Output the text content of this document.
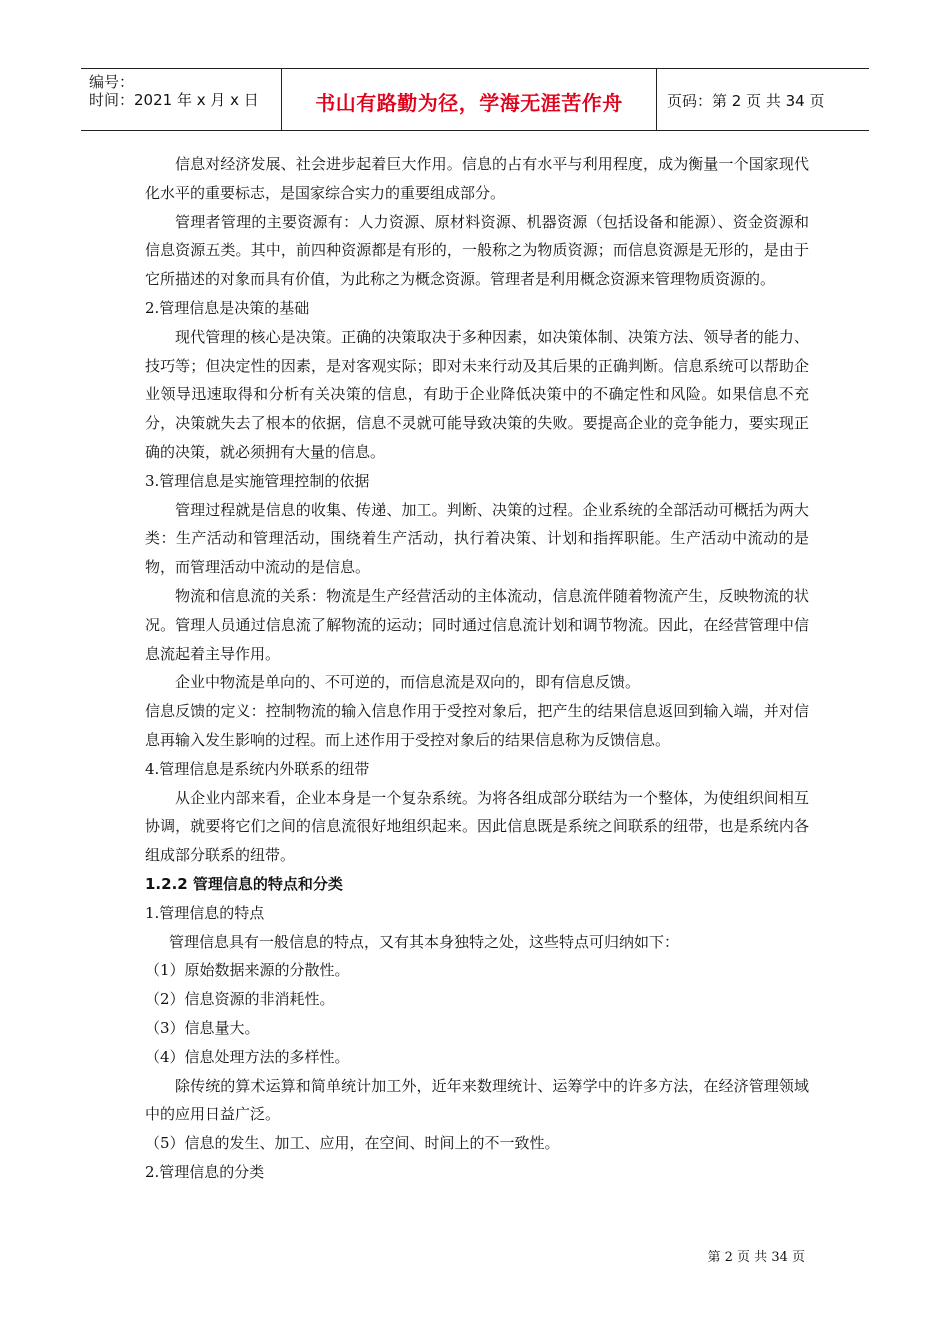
编号：
时间：2021 年 x 月 x 日	书山有路勤为径，学海无涯苦作舟	页码：第 2 页 共 34 页

信息对经济发展、社会进步起着巨大作用。信息的占有水平与利用程度，成为衡量一个国家现代化水平的重要标志，是国家综合实力的重要组成部分。

管理者管理的主要资源有：人力资源、原材料资源、机器资源（包括设备和能源）、资金资源和信息资源五类。其中，前四种资源都是有形的，一般称之为物质资源；而信息资源是无形的，是由于它所描述的对象而具有价值，为此称之为概念资源。管理者是利用概念资源来管理物质资源的。

2.管理信息是决策的基础

现代管理的核心是决策。正确的决策取决于多种因素，如决策体制、决策方法、领导者的能力、技巧等；但决定性的因素，是对客观实际；即对未来行动及其后果的正确判断。信息系统可以帮助企业领导迅速取得和分析有关决策的信息，有助于企业降低决策中的不确定性和风险。如果信息不充分，决策就失去了根本的依据，信息不灵就可能导致决策的失败。要提高企业的竞争能力，要实现正确的决策，就必须拥有大量的信息。

3.管理信息是实施管理控制的依据

管理过程就是信息的收集、传递、加工。判断、决策的过程。企业系统的全部活动可概括为两大类：生产活动和管理活动，围绕着生产活动，执行着决策、计划和指挥职能。生产活动中流动的是物，而管理活动中流动的是信息。

物流和信息流的关系：物流是生产经营活动的主体流动，信息流伴随着物流产生，反映物流的状况。管理人员通过信息流了解物流的运动；同时通过信息流计划和调节物流。因此，在经营管理中信息流起着主导作用。

企业中物流是单向的、不可逆的，而信息流是双向的，即有信息反馈。

信息反馈的定义：控制物流的输入信息作用于受控对象后，把产生的结果信息返回到输入端，并对信息再输入发生影响的过程。而上述作用于受控对象后的结果信息称为反馈信息。

4.管理信息是系统内外联系的纽带

从企业内部来看，企业本身是一个复杂系统。为将各组成部分联结为一个整体，为使组织间相互协调，就要将它们之间的信息流很好地组织起来。因此信息既是系统之间联系的纽带，也是系统内各组成部分联系的纽带。

1.2.2 管理信息的特点和分类

1.管理信息的特点

管理信息具有一般信息的特点，又有其本身独特之处，这些特点可归纳如下：

（1）原始数据来源的分散性。

（2）信息资源的非消耗性。

（3）信息量大。

（4）信息处理方法的多样性。

除传统的算术运算和简单统计加工外，近年来数理统计、运筹学中的许多方法，在经济管理领域中的应用日益广泛。

（5）信息的发生、加工、应用，在空间、时间上的不一致性。

2.管理信息的分类

第 2 页 共 34 页
